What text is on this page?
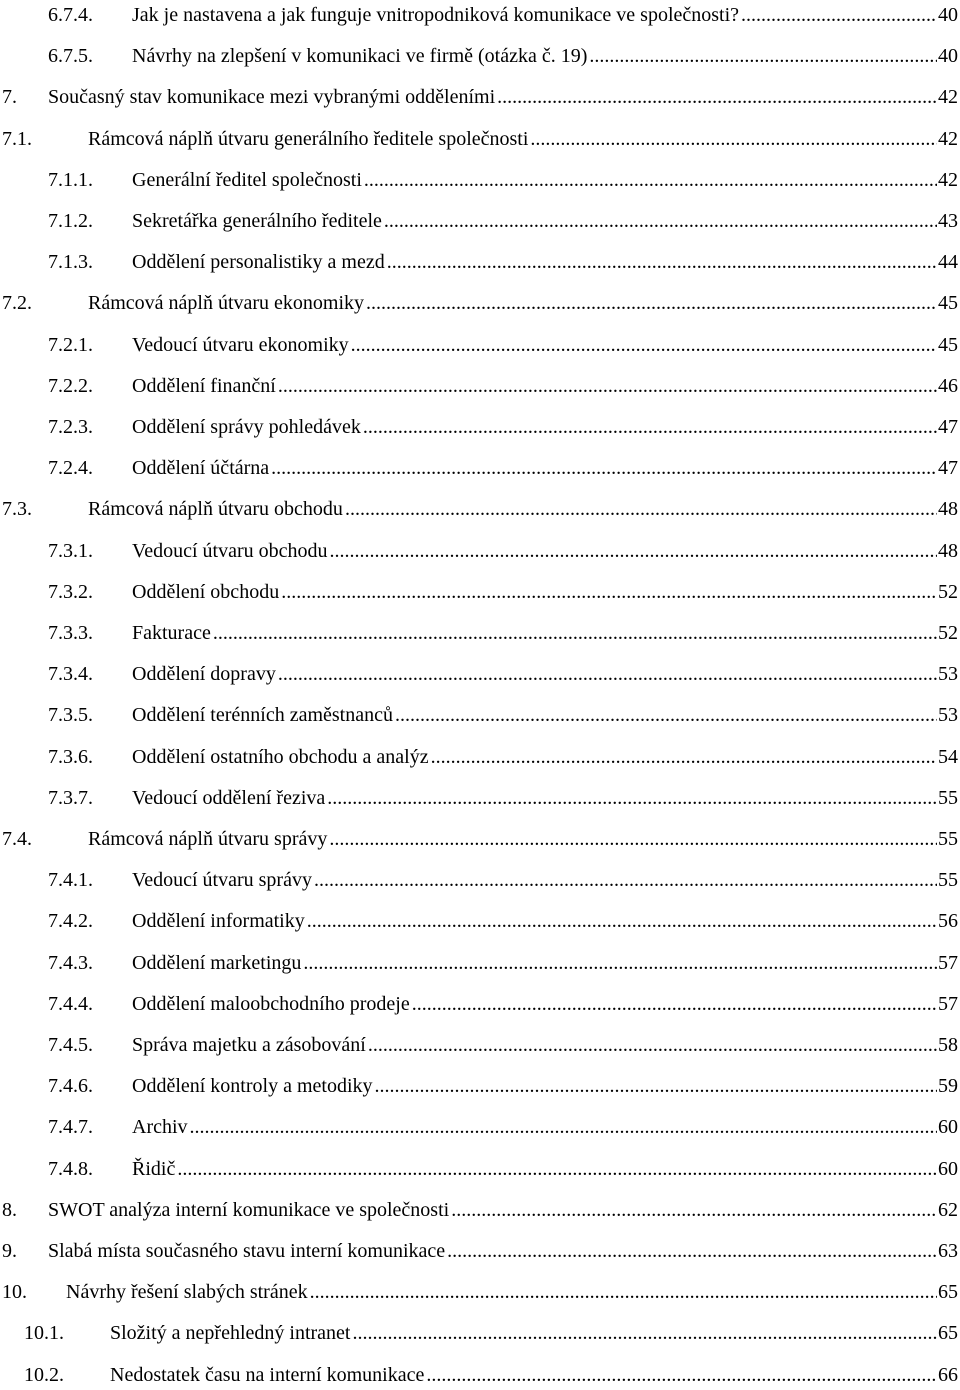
6.7.4.	Jak je nastavena a jak funguje vnitropodniková komunikace ve společnosti? .....	40
6.7.5.	Návrhy na zlepšení v komunikaci ve firmě (otázka č. 19) .....	40
7.	Současný stav komunikace mezi vybranými odděleními .....	42
7.1.	Rámcová náplň útvaru generálního ředitele společnosti .....	42
7.1.1.	Generální ředitel společnosti .....	42
7.1.2.	Sekretářka generálního ředitele .....	43
7.1.3.	Oddělení personalistiky a mezd .....	44
7.2.	Rámcová náplň útvaru ekonomiky .....	45
7.2.1.	Vedoucí útvaru ekonomiky .....	45
7.2.2.	Oddělení finanční .....	46
7.2.3.	Oddělení správy pohledávek .....	47
7.2.4.	Oddělení účtárna .....	47
7.3.	Rámcová náplň útvaru obchodu .....	48
7.3.1.	Vedoucí útvaru obchodu .....	48
7.3.2.	Oddělení obchodu .....	52
7.3.3.	Fakturace .....	52
7.3.4.	Oddělení dopravy .....	53
7.3.5.	Oddělení terénních zaměstnanců .....	53
7.3.6.	Oddělení ostatního obchodu a analýz .....	54
7.3.7.	Vedoucí oddělení řeziva .....	55
7.4.	Rámcová náplň útvaru správy .....	55
7.4.1.	Vedoucí útvaru správy .....	55
7.4.2.	Oddělení informatiky .....	56
7.4.3.	Oddělení marketingu .....	57
7.4.4.	Oddělení maloobchodního prodeje .....	57
7.4.5.	Správa majetku a zásobování .....	58
7.4.6.	Oddělení kontroly a metodiky .....	59
7.4.7.	Archiv .....	60
7.4.8.	Řidič .....	60
8.	SWOT analýza interní komunikace ve společnosti .....	62
9.	Slabá místa současného stavu interní komunikace .....	63
10.	Návrhy řešení slabých stránek .....	65
10.1.	Složitý a nepřehledný intranet .....	65
10.2.	Nedostatek času na interní komunikace .....	66
